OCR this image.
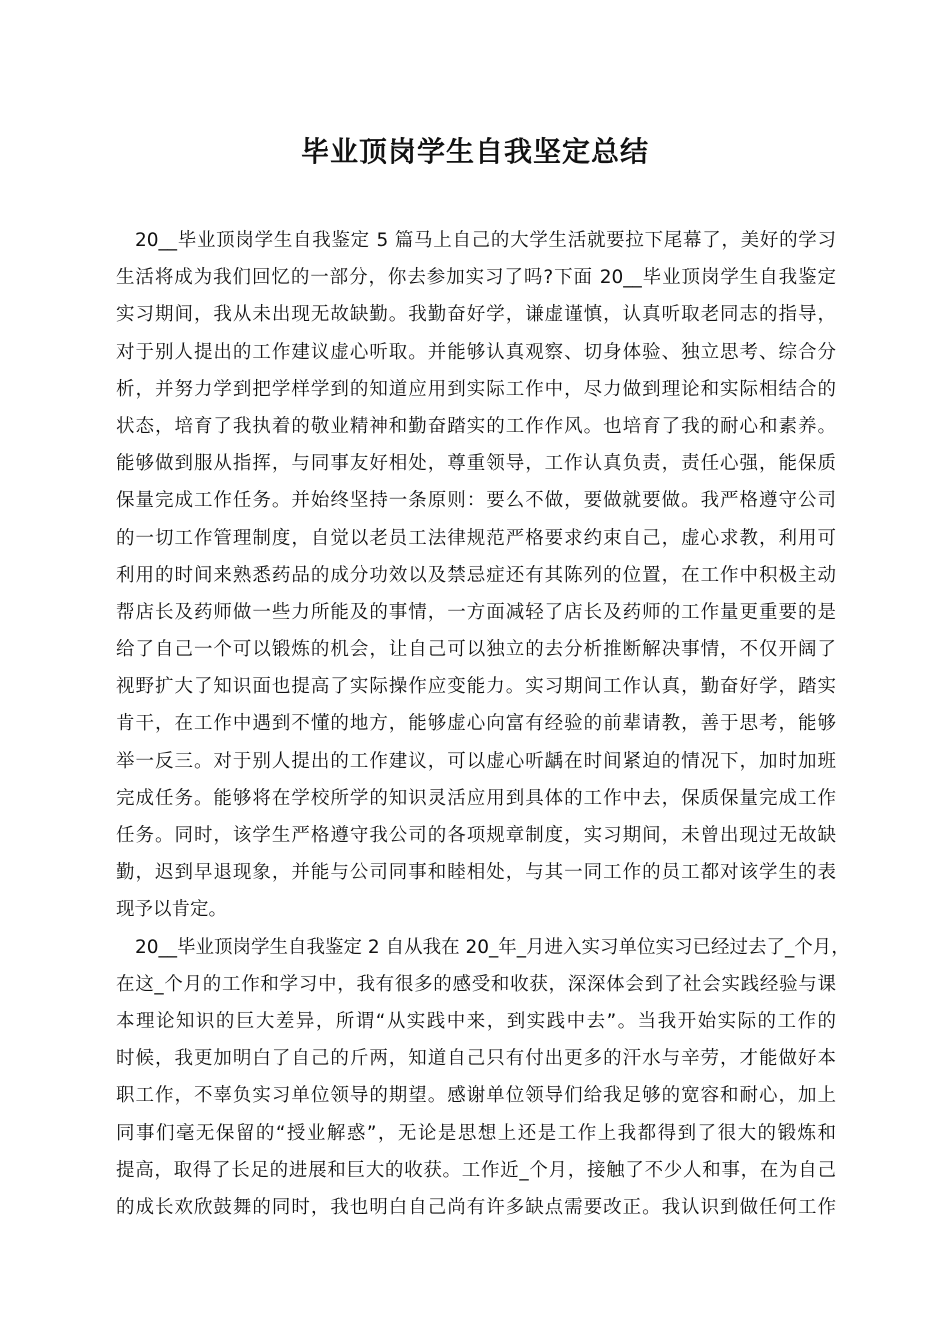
毕业顶岗学生自我坚定总结
20__毕业顶岗学生自我鉴定 5 篇马上自己的大学生活就要拉下尾幕了，美好的学习
生活将成为我们回忆的一部分，你去参加实习了吗?下面 20__毕业顶岗学生自我鉴定
实习期间，我从未出现无故缺勤。我勤奋好学，谦虚谨慎，认真听取老同志的指导，
对于别人提出的工作建议虚心听取。并能够认真观察、切身体验、独立思考、综合分
析，并努力学到把学样学到的知道应用到实际工作中，尽力做到理论和实际相结合的
状态，培育了我执着的敬业精神和勤奋踏实的工作作风。也培育了我的耐心和素养。
能够做到服从指挥，与同事友好相处，尊重领导，工作认真负责，责任心强，能保质
保量完成工作任务。并始终坚持一条原则：要么不做，要做就要做。我严格遵守公司
的一切工作管理制度，自觉以老员工法律规范严格要求约束自己，虚心求教，利用可
利用的时间来熟悉药品的成分功效以及禁忌症还有其陈列的位置，在工作中积极主动
帮店长及药师做一些力所能及的事情，一方面减轻了店长及药师的工作量更重要的是
给了自己一个可以锻炼的机会，让自己可以独立的去分析推断解决事情，不仅开阔了
视野扩大了知识面也提高了实际操作应变能力。实习期间工作认真，勤奋好学，踏实
肯干，在工作中遇到不懂的地方，能够虚心向富有经验的前辈请教，善于思考，能够
举一反三。对于别人提出的工作建议，可以虚心听龋在时间紧迫的情况下，加时加班
完成任务。能够将在学校所学的知识灵活应用到具体的工作中去，保质保量完成工作
任务。同时，该学生严格遵守我公司的各项规章制度，实习期间，未曾出现过无故缺
勤，迟到早退现象，并能与公司同事和睦相处，与其一同工作的员工都对该学生的表
现予以肯定。
20__毕业顶岗学生自我鉴定 2 自从我在 20_年_月进入实习单位实习已经过去了_个月，
在这_个月的工作和学习中，我有很多的感受和收获，深深体会到了社会实践经验与课
本理论知识的巨大差异，所谓“从实践中来，到实践中去”。当我开始实际的工作的
时候，我更加明白了自己的斤两，知道自己只有付出更多的汗水与辛劳，才能做好本
职工作，不辜负实习单位领导的期望。感谢单位领导们给我足够的宽容和耐心，加上
同事们毫无保留的“授业解惑”，无论是思想上还是工作上我都得到了很大的锻炼和
提高，取得了长足的进展和巨大的收获。工作近_个月，接触了不少人和事，在为自己
的成长欢欣鼓舞的同时，我也明白自己尚有许多缺点需要改正。我认识到做任何工作
